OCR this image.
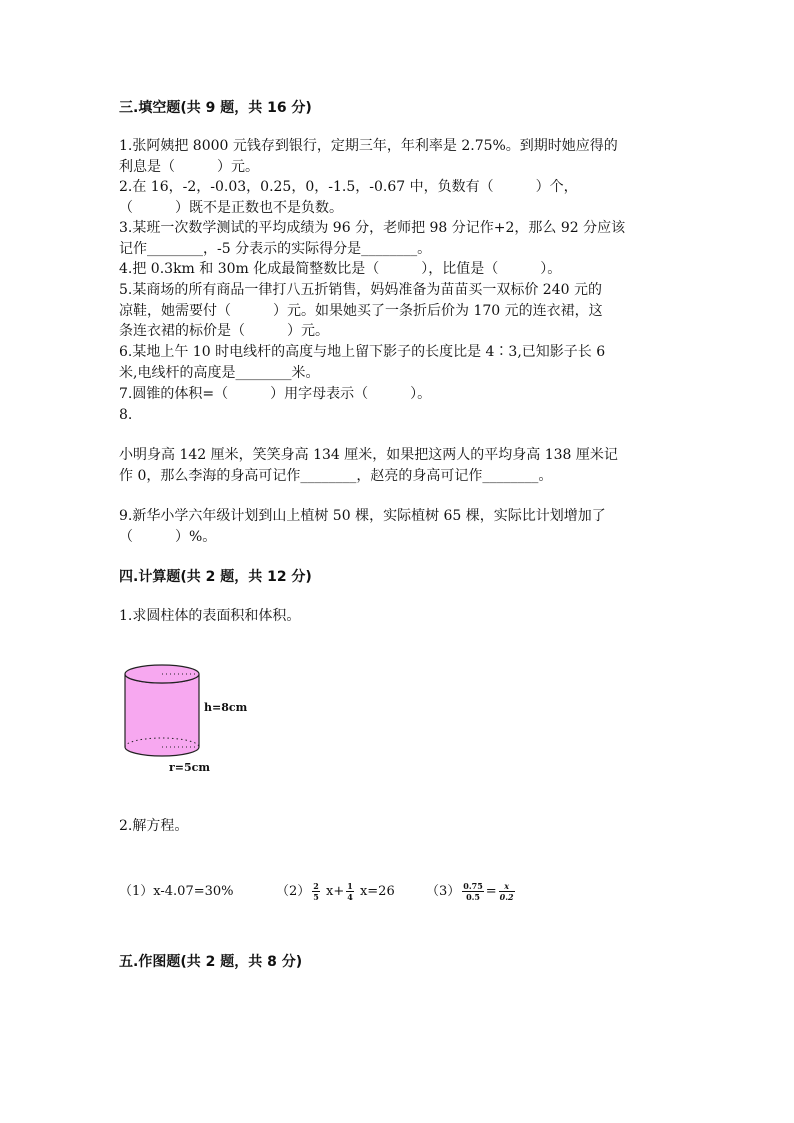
三.填空题(共 9 题，共 16 分)
1.张阿姨把 8000 元钱存到银行，定期三年，年利率是 2.75%。到期时她应得的
利息是（　　　）元。
2.在 16，-2，-0.03，0.25，0，-1.5，-0.67 中，负数有（　　　）个，
（　　　）既不是正数也不是负数。
3.某班一次数学测试的平均成绩为 96 分，老师把 98 分记作+2，那么 92 分应该
记作________，-5 分表示的实际得分是________。
4.把 0.3km 和 30m 化成最简整数比是（　　　），比值是（　　　）。
5.某商场的所有商品一律打八五折销售，妈妈准备为苗苗买一双标价 240 元的
凉鞋，她需要付（　　　）元。如果她买了一条折后价为 170 元的连衣裙，这
条连衣裙的标价是（　　　）元。
6.某地上午 10 时电线杆的高度与地上留下影子的长度比是 4∶3,已知影子长 6
米,电线杆的高度是________米。
7.圆锥的体积=（　　　）用字母表示（　　　）。
8.
小明身高 142 厘米，笑笑身高 134 厘米，如果把这两人的平均身高 138 厘米记
作 0，那么李海的身高可记作________，赵亮的身高可记作________。
9.新华小学六年级计划到山上植树 50 棵，实际植树 65 棵，实际比计划增加了
（　　　）%。
四.计算题(共 2 题，共 12 分)
1.求圆柱体的表面积和体积。
h=8cm
r=5cm
2.解方程。
（1）x-4.07=30%	$(2) \frac{2}{5} x+ \frac{1}{4} x=26$ $(3) \frac{0.75}{0.5} = \frac{x}{0.2}$
五.作图题(共 2 题，共 8 分)
